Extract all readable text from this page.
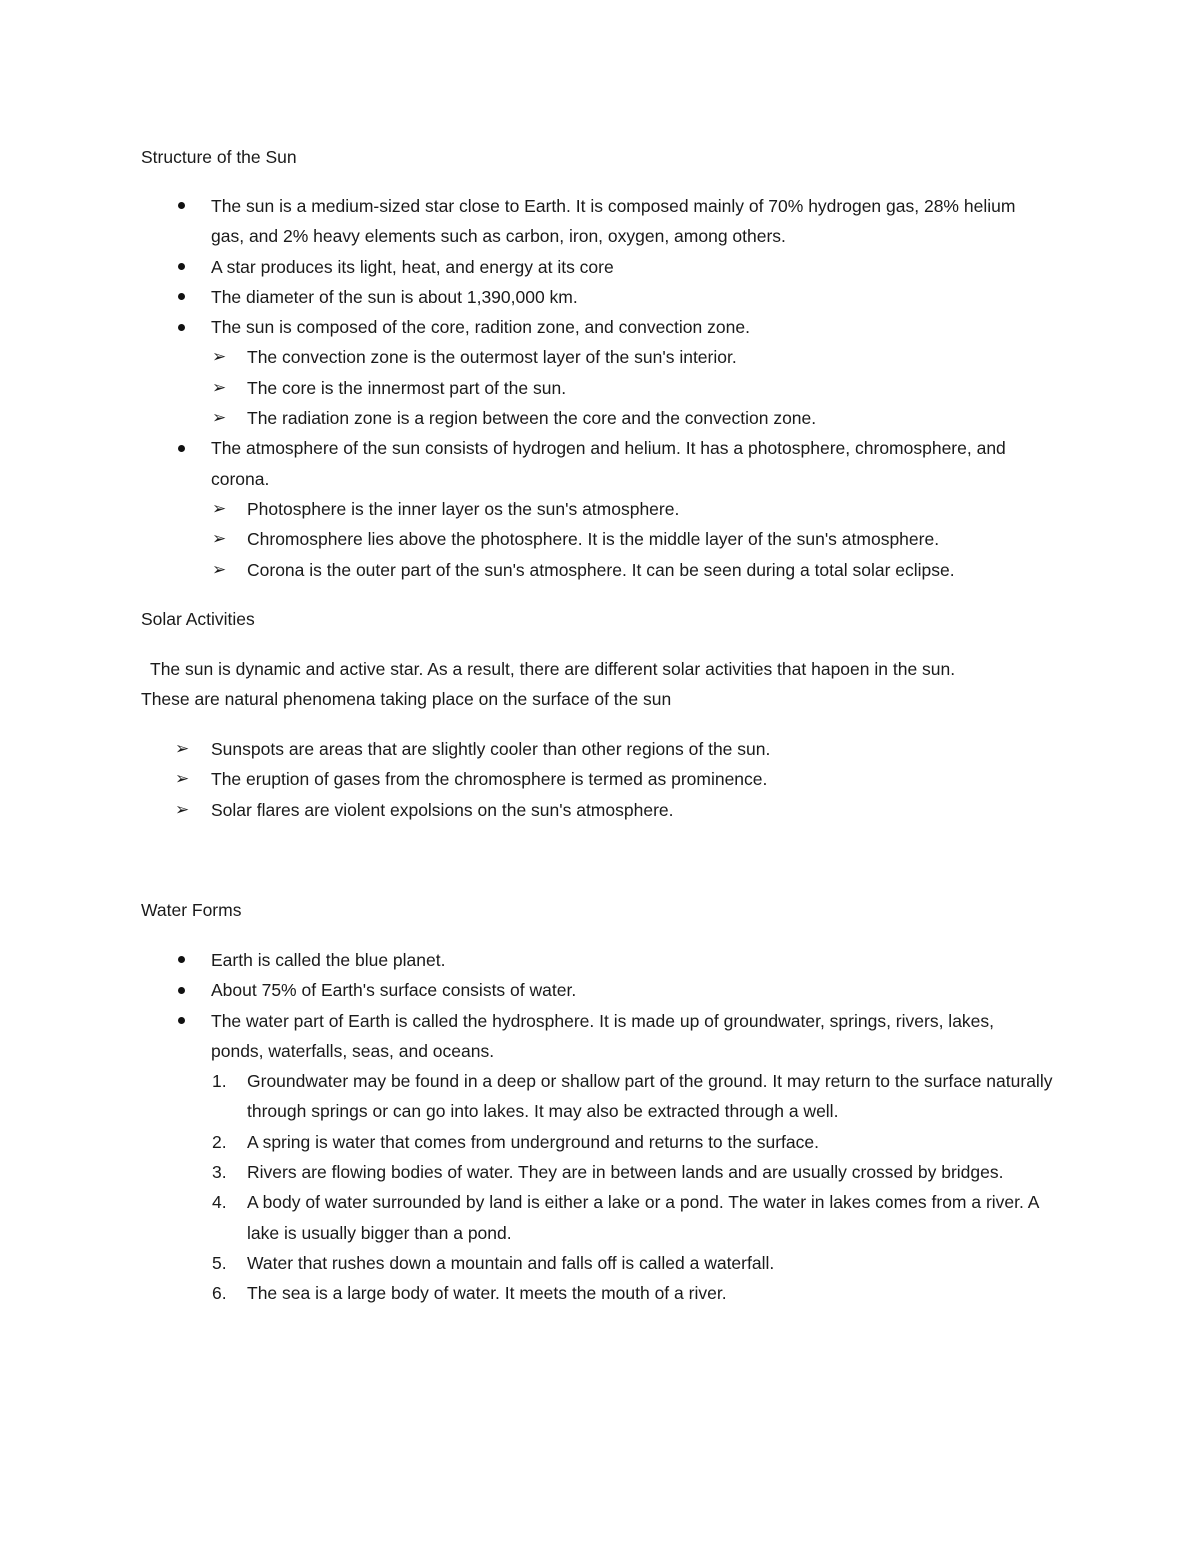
Structure of the Sun
The sun is a medium-sized star close to Earth. It is composed mainly of 70% hydrogen gas, 28% helium gas, and 2% heavy elements such as carbon, iron, oxygen, among others.
A star produces its light, heat, and energy at its core
The diameter of the sun is about 1,390,000 km.
The sun is composed of the core, radition zone, and convection zone.
➢ The convection zone is the outermost layer of the sun's interior.
➢ The core is the innermost part of the sun.
➢ The radiation zone is a region between the core and the convection zone.
The atmosphere of the sun consists of hydrogen and helium. It has a photosphere, chromosphere, and corona.
➢ Photosphere is the inner layer os the sun's atmosphere.
➢ Chromosphere lies above the photosphere. It is the middle layer of the sun's atmosphere.
➢ Corona is the outer part of the sun's atmosphere. It can be seen during a total solar eclipse.
Solar Activities

The sun is dynamic and active star. As a result, there are different solar activities that hapoen in the sun.
These are natural phenomena taking place on the surface of the sun

➢ Sunspots are areas that are slightly cooler than other regions of the sun.
➢ The eruption of gases from the chromosphere is termed as prominence.
➢ Solar flares are violent expolsions on the sun's atmosphere.
Water Forms
Earth is called the blue planet.
About 75% of Earth's surface consists of water.
The water part of Earth is called the hydrosphere. It is made up of groundwater, springs, rivers, lakes, ponds, waterfalls, seas, and oceans.
1.	Groundwater may be found in a deep or shallow part of the ground. It may return to the surface naturally through springs or can go into lakes. It may also be extracted through a well.
2.	A spring is water that comes from underground and returns to the surface.
3.	Rivers are flowing bodies of water. They are in between lands and are usually crossed by bridges.
4.	A body of water surrounded by land is either a lake or a pond. The water in lakes comes from a river. A lake is usually bigger than a pond.
5.	Water that rushes down a mountain and falls off is called a waterfall.
6.	The sea is a large body of water. It meets the mouth of a river.
